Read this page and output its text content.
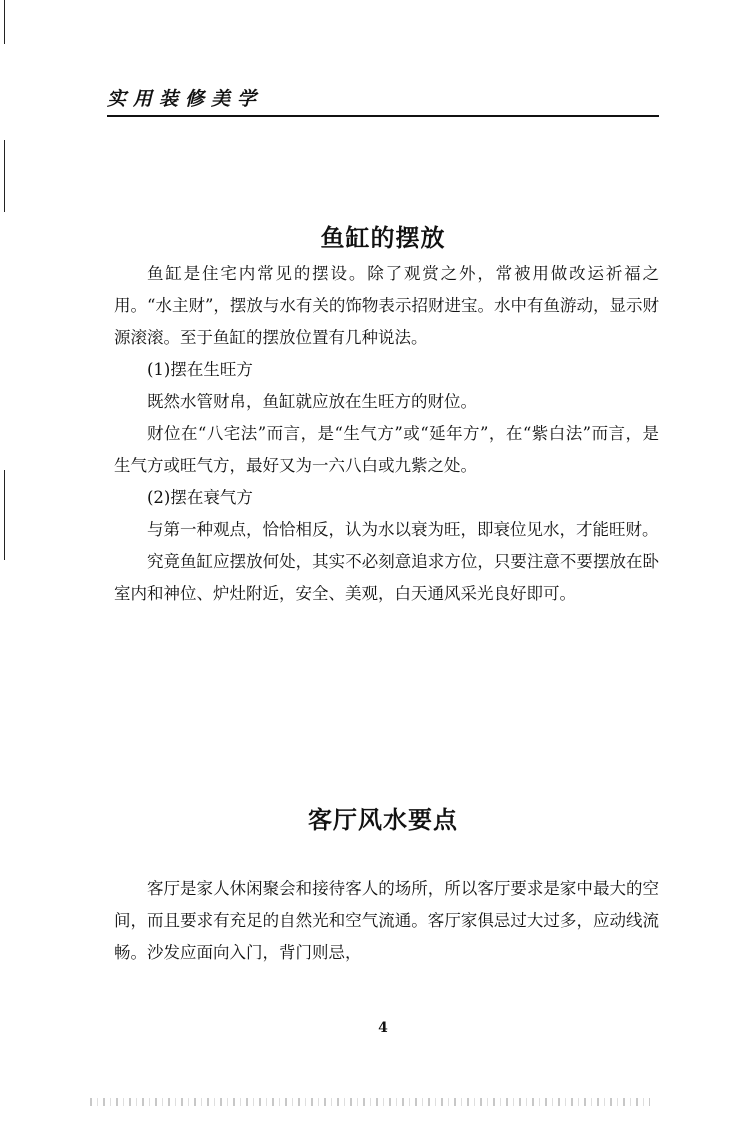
实用装修美学
鱼缸的摆放

鱼缸是住宅内常见的摆设。除了观赏之外，常被用做改运祈福之用。“水主财”，摆放与水有关的饰物表示招财进宝。水中有鱼游动，显示财源滚滚。至于鱼缸的摆放位置有几种说法。

(1)摆在生旺方

既然水管财帛，鱼缸就应放在生旺方的财位。

财位在“八宅法”而言，是“生气方”或“延年方”，在“紫白法”而言，是生气方或旺气方，最好又为一六八白或九紫之处。

(2)摆在衰气方

与第一种观点，恰恰相反，认为水以衰为旺，即衰位见水，才能旺财。

究竟鱼缸应摆放何处，其实不必刻意追求方位，只要注意不要摆放在卧室内和神位、炉灶附近，安全、美观，白天通风采光良好即可。

客厅风水要点

客厅是家人休闲聚会和接待客人的场所，所以客厅要求是家中最大的空间，而且要求有充足的自然光和空气流通。客厅家俱忌过大过多，应动线流畅。沙发应面向入门，背门则忌，

4
